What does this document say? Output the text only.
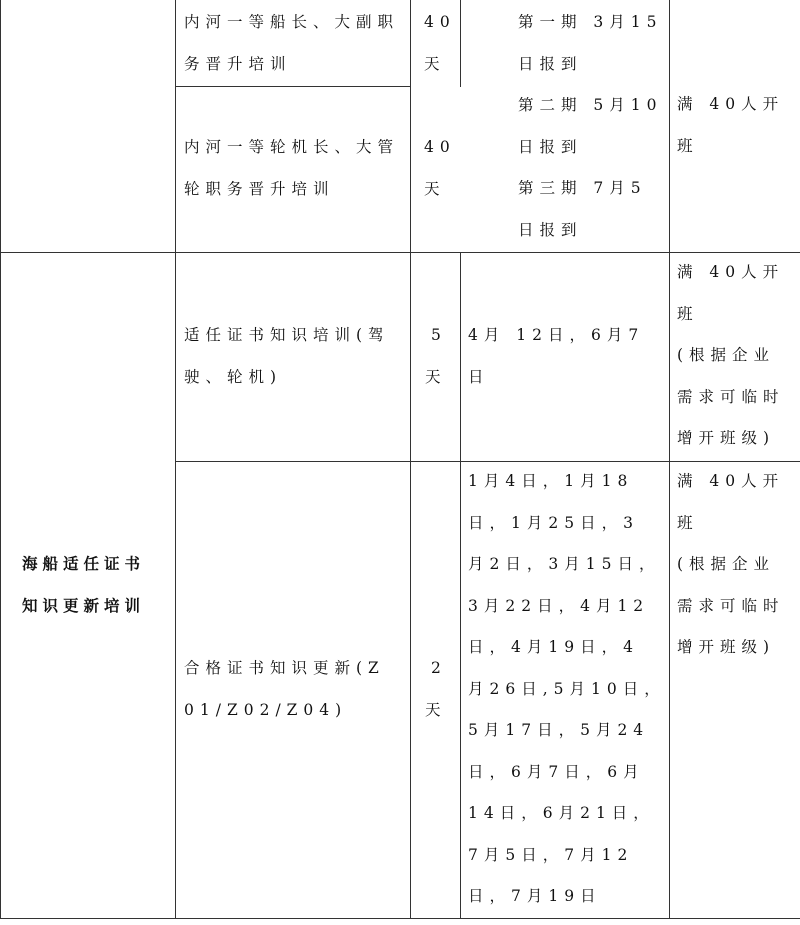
内河一等船长、大副职
务晋升培训
40
天
第一期 3月15
日报到
第二期 5月10
日报到
第三期 7月5
日报到
满 40人开
班
内河一等轮机长、大管
轮职务晋升培训
40
天
海船适任证书
知识更新培训
适任证书知识培训(驾
驶、轮机)
5
天
4月 12日，6月7
日
满 40人开
班
(根据企业
需求可临时
增开班级)
合格证书知识更新(Z
01/Z02/Z04)
2
天
1月4日，1月18
日，1月25日，3
月2日，3月15日，
3月22日，4月12
日，4月19日，4
月26日,5月10日，
5月17日，5月24
日，6月7日，6月
14日，6月21日，
7月5日，7月12
日，7月19日
满 40人开
班
(根据企业
需求可临时
增开班级)
